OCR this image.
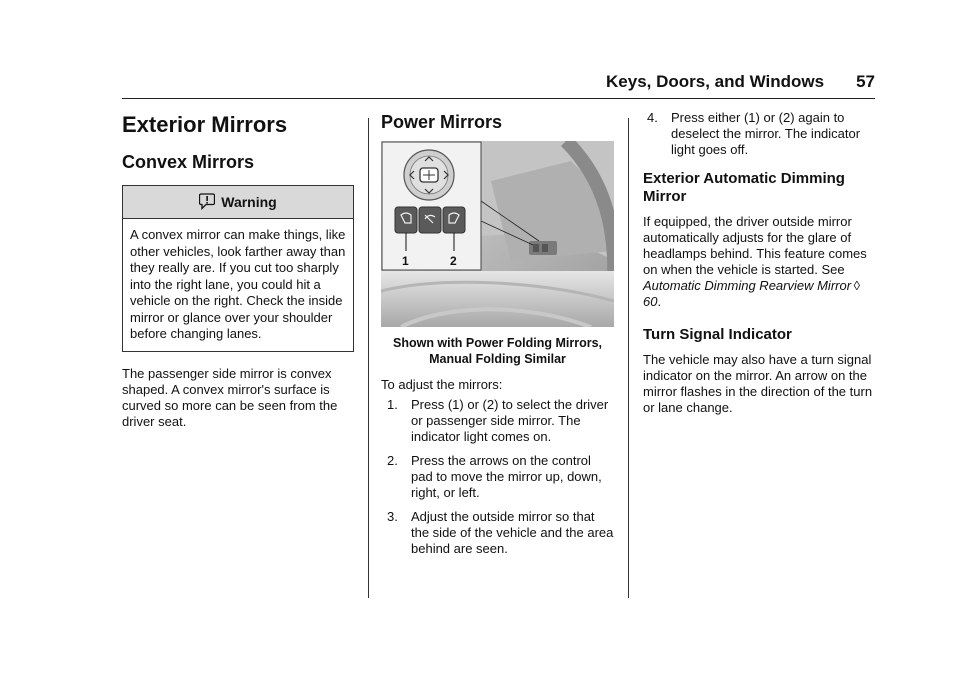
Keys, Doors, and Windows 57
Exterior Mirrors
Convex Mirrors
Warning
A convex mirror can make things, like other vehicles, look farther away than they really are. If you cut too sharply into the right lane, you could hit a vehicle on the right. Check the inside mirror or glance over your shoulder before changing lanes.

The passenger side mirror is convex shaped. A convex mirror's surface is curved so more can be seen from the driver seat.

Power Mirrors
1	2
Shown with Power Folding Mirrors, Manual Folding Similar

To adjust the mirrors:

1.	Press (1) or (2) to select the driver or passenger side mirror. The indicator light comes on.
2.	Press the arrows on the control pad to move the mirror up, down, right, or left.
3.	Adjust the outside mirror so that the side of the vehicle and the area behind are seen.
4.	Press either (1) or (2) again to deselect the mirror. The indicator light goes off.
Exterior Automatic Dimming Mirror

If equipped, the driver outside mirror automatically adjusts for the glare of headlamps behind. This feature comes on when the vehicle is started. See Automatic Dimming Rearview Mirror  ◊ 60.

Turn Signal Indicator

The vehicle may also have a turn signal indicator on the mirror. An arrow on the mirror flashes in the direction of the turn or lane change.
